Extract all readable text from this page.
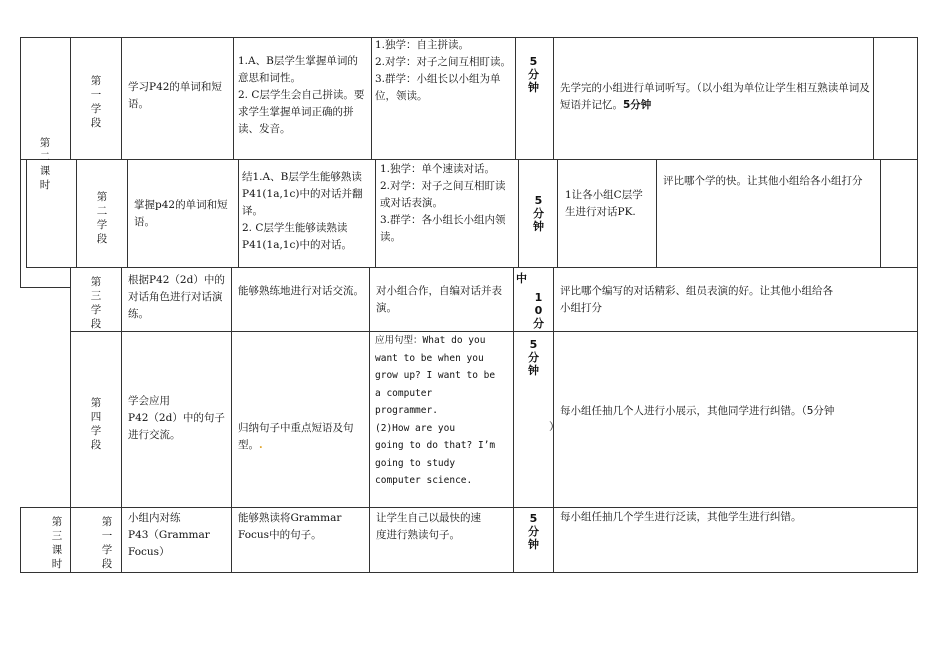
第二课时
第一学段
学习P42的单词和短语。
1.A、B层学生掌握单词的意思和词性。
2. C层学生会自己拼读。要求学生掌握单词正确的拼读、发音。
1.独学：自主拼读。
2.对学：对子之间互相盯读。
3.群学：小组长以小组为单位，领读。
5分钟 先学完的小组进行单词听写。（以小组为单位让学生相互熟读单词及短语并记忆。5分钟

第二学段
掌握p42的单词和短语。
结1.A、B层学生能够熟读P41(1a,1c)中的对话并翻译。
2. C层学生能够读熟读P41(1a,1c)中的对话。
1.独学：单个速读对话。
2.对学：对子之间互相盯读或对话表演。
3.群学：各小组长小组内领读。
5分钟
1让各小组C层学生进行对话PK.
评比哪个学的快。让其他小组给各小组打分
第三学段
根据P42（2d）中的对话角色进行对话演练。
能够熟练地进行对话交流。 对小组合作，自编对话并表演。
中
10分
评比哪个编写的对话精彩、组员表演的好。让其他小组给各小组打分
第四学段
学会应用
P42（2d）中的句子进行交流。

归纳句子中重点短语及句型。.

应用句型：What do you
want to be when you
grow up? I want to be
a computer
programmer.
(2)How are you
going to do that? I’m
going to study
computer science.
5分钟
）
每小组任抽几个人进行小展示，其他同学进行纠错。（5分钟
第三课时
第一学段
小组内对练
P43（Grammar
Focus）
能够熟读将Grammar Focus中的句子。
让学生自己以最快的速
度进行熟读句子。
5分钟
每小组任抽几个学生进行泛读，其他学生进行纠错。
